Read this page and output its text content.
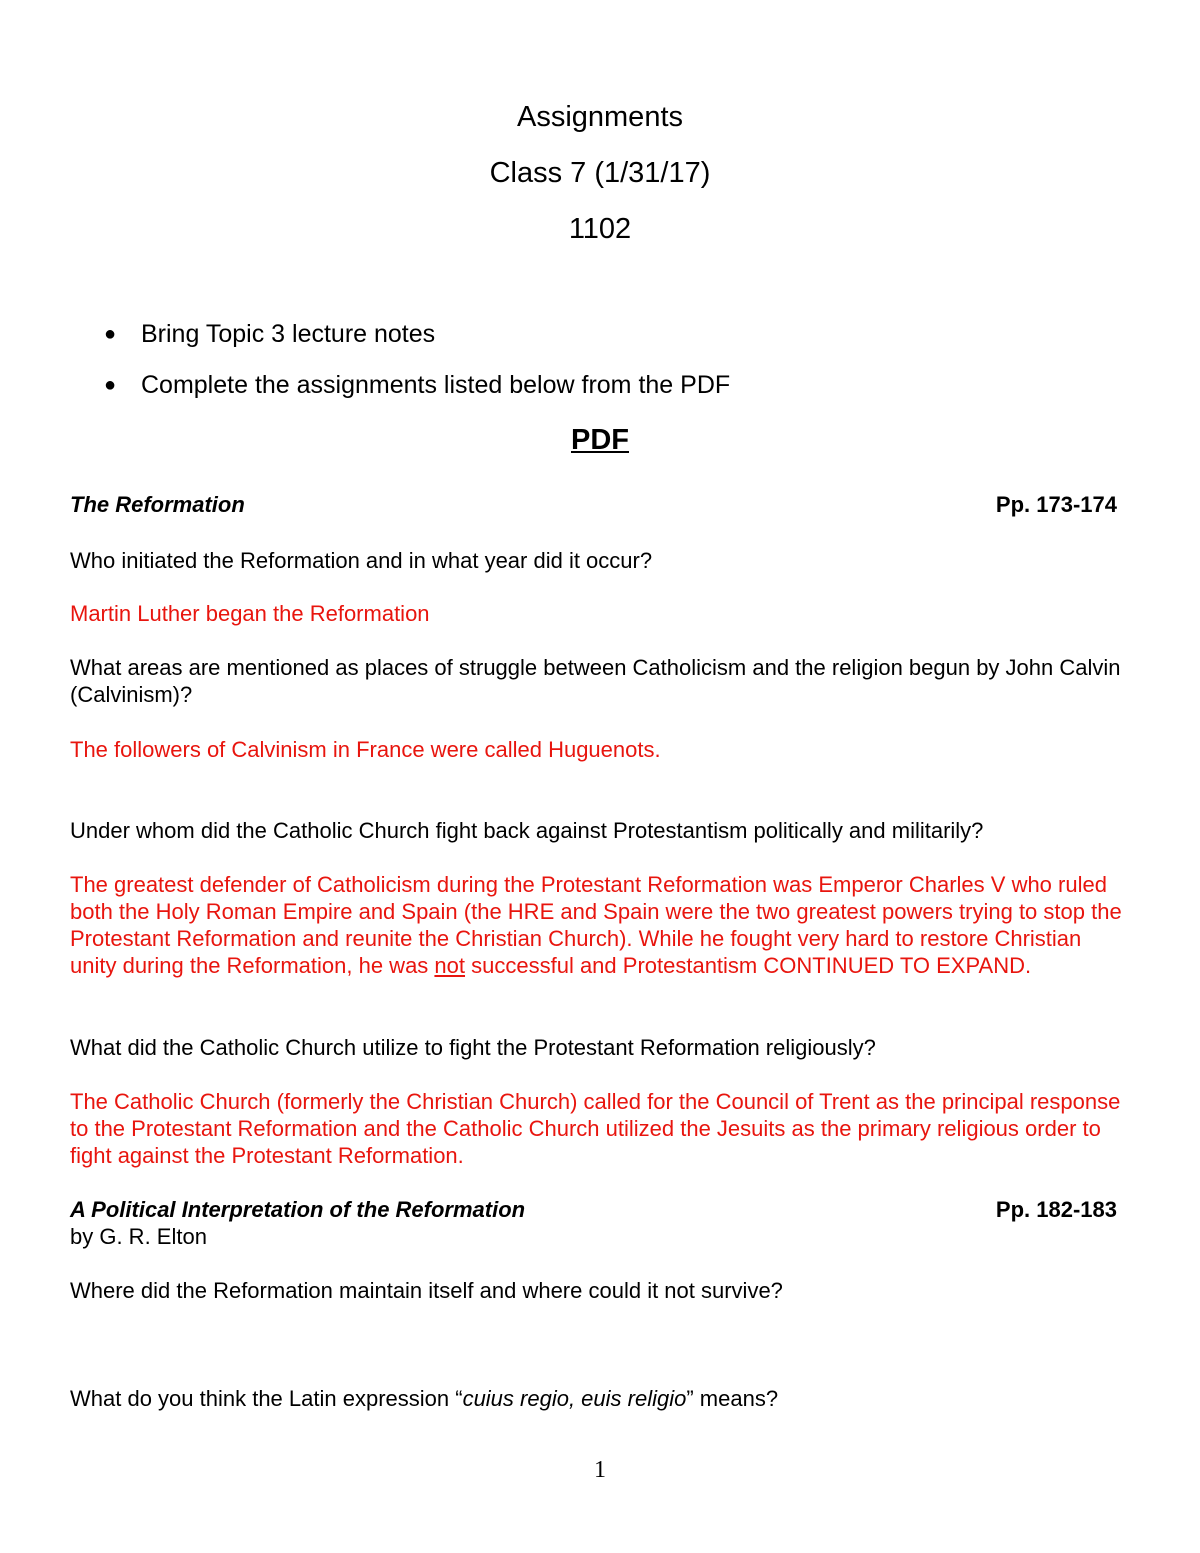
Assignments
Class 7 (1/31/17)
1102
● Bring Topic 3 lecture notes
● Complete the assignments listed below from the PDF
PDF
The Reformation	Pp. 173-174
Who initiated the Reformation and in what year did it occur?
Martin Luther began the Reformation
What areas are mentioned as places of struggle between Catholicism and the religion begun by John Calvin (Calvinism)?
The followers of Calvinism in France were called Huguenots.
Under whom did the Catholic Church fight back against Protestantism politically and militarily?
The greatest defender of Catholicism during the Protestant Reformation was Emperor Charles V who ruled both the Holy Roman Empire and Spain (the HRE and Spain were the two greatest powers trying to stop the Protestant Reformation and reunite the Christian Church). While he fought very hard to restore Christian unity during the Reformation, he was not successful and Protestantism CONTINUED TO EXPAND.
What did the Catholic Church utilize to fight the Protestant Reformation religiously?
The Catholic Church (formerly the Christian Church) called for the Council of Trent as the principal response to the Protestant Reformation and the Catholic Church utilized the Jesuits as the primary religious order to fight against the Protestant Reformation.
A Political Interpretation of the Reformation	Pp. 182-183
by G. R. Elton
Where did the Reformation maintain itself and where could it not survive?
What do you think the Latin expression “cuius regio, euis religio” means?
1
